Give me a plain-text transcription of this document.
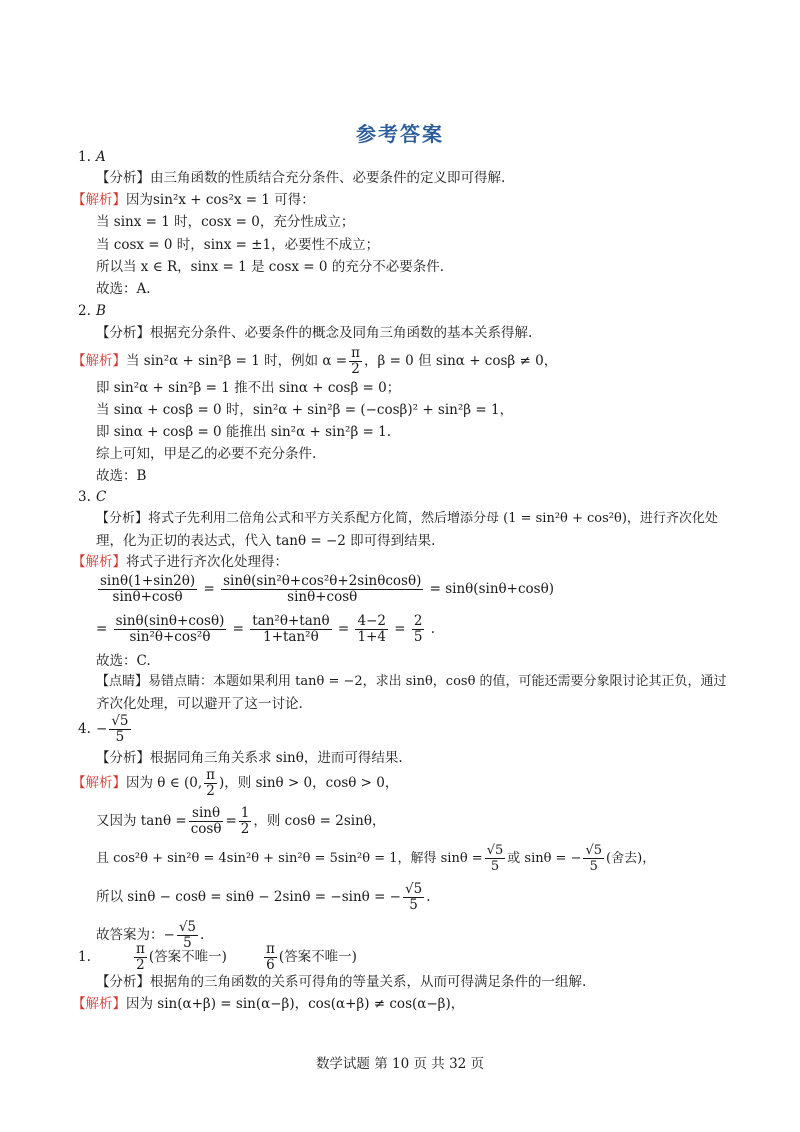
参考答案
1. A
【分析】由三角函数的性质结合充分条件、必要条件的定义即可得解.
【解析】因为sin²x + cos²x = 1 可得：
当 sinx = 1 时，cosx = 0，充分性成立；
当 cosx = 0 时，sinx = ±1，必要性不成立；
所以当 x ∈ R，sinx = 1 是 cosx = 0 的充分不必要条件.
故选：A.
2. B
【分析】根据充分条件、必要条件的概念及同角三角函数的基本关系得解.
【解析】当 sin²α + sin²β = 1 时，例如 $\alpha = \frac{\pi}{2}$ ，β = 0 但 sinα + cosβ ≠ 0，
即 sin²α + sin²β = 1 推不出 sinα + cosβ = 0；
当 sinα + cosβ = 0 时，sin²α + sin²β = (−cosβ)² + sin²β = 1，
即 sinα + cosβ = 0 能推出 sin²α + sin²β = 1.
综上可知，甲是乙的必要不充分条件.
故选：B
3. C
【分析】将式子先利用二倍角公式和平方关系配方化简，然后增添分母 (1 = sin²θ + cos²θ)，进行齐次化处
理，化为正切的表达式，代入 tanθ = −2 即可得到结果.
【解析】将式子进行齐次化处理得：
$\frac{\sin\theta(1+\sin 2\theta)}{\sin\theta+\cos\theta} = \frac{\text{sinθ(sin²θ+cos²θ+2sinθcosθ)}}{\sin\theta+\cos\theta} = \sin\theta(\sin\theta+\cos\theta)$
= $\frac{\sin\theta(\sin\theta+\cos\theta)}{\text{sin²θ+cos²θ}} = \frac{\text{tan²θ+tanθ}}{\text{1+tan²θ}} = \frac{4-2}{1+4} = \frac{2}{5}$ .
故选：C.
【点睛】易错点睛：本题如果利用 tanθ = −2，求出 sinθ，cosθ 的值，可能还需要分象限讨论其正负，通过
齐次化处理，可以避开了这一讨论.
4. − $\frac{√5}{5}$
【分析】根据同角三角关系求 sinθ，进而可得结果.
【解析】因为 θ ∈ (0, $\frac{\pi}{2}$ )，则 sinθ > 0，cosθ > 0，
又因为 $\tan\theta = \frac{\sin\theta}{\cos\theta} = \frac{1}{2}$ ，则 cosθ = 2sinθ，
且 cos²θ + sin²θ = 4sin²θ + sin²θ = 5sin²θ = 1，解得 $\sin\theta = \frac{√5}{5}$ 或 sinθ = − $\frac{√5}{5}$ (舍去)，
所以 sinθ − cosθ = sinθ − 2sinθ = −sinθ = − $\frac{√5}{5}$ .
故答案为：− $\frac{√5}{5}$ .
1.	$\frac{\pi}{2}$ (答案不唯一)	$\frac{\pi}{6}$ (答案不唯一)
【分析】根据角的三角函数的关系可得角的等量关系，从而可得满足条件的一组解.
【解析】因为 sin(α+β) = sin(α−β)，cos(α+β) ≠ cos(α−β)，
数学试题 第 10 页 共 32 页
